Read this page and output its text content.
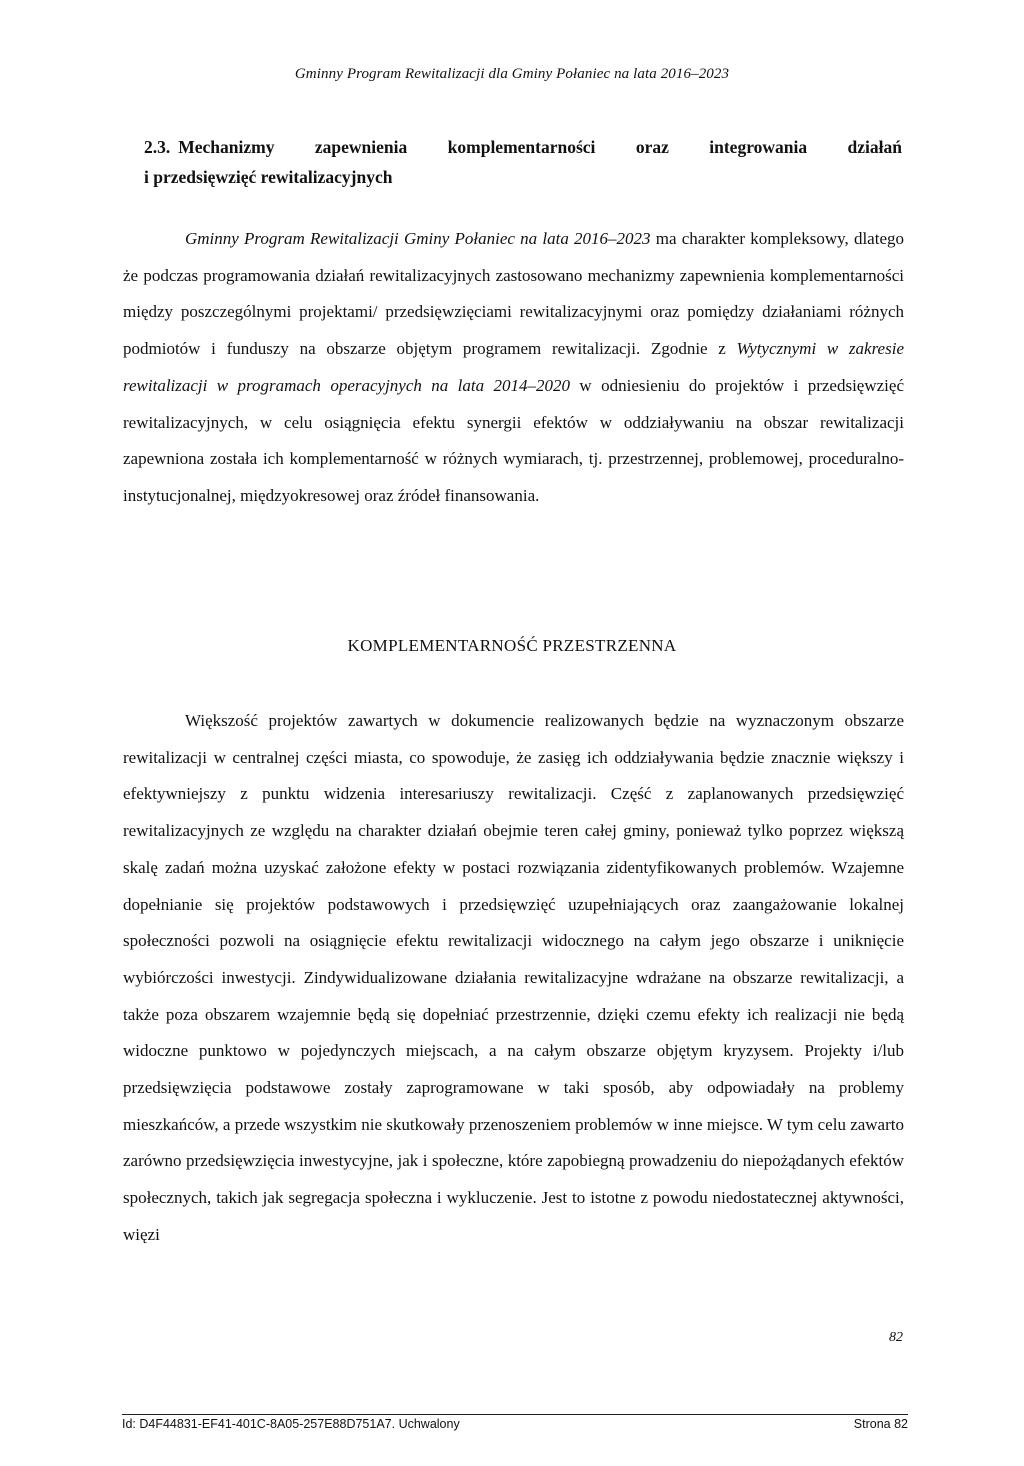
Gminny Program Rewitalizacji dla Gminy Połaniec na lata 2016–2023
2.3. Mechanizmy zapewnienia komplementarności oraz integrowania działań
i przedsięwzięć rewitalizacyjnych

Gminny Program Rewitalizacji Gminy Połaniec na lata 2016–2023 ma charakter kompleksowy, dlatego że podczas programowania działań rewitalizacyjnych zastosowano mechanizmy zapewnienia komplementarności między poszczególnymi projektami/ przedsięwzięciami rewitalizacyjnymi oraz pomiędzy działaniami różnych podmiotów i funduszy na obszarze objętym programem rewitalizacji. Zgodnie z Wytycznymi w zakresie rewitalizacji w programach operacyjnych na lata 2014–2020 w odniesieniu do projektów i przedsięwzięć rewitalizacyjnych, w celu osiągnięcia efektu synergii efektów w oddziaływaniu na obszar rewitalizacji zapewniona została ich komplementarność w różnych wymiarach, tj. przestrzennej, problemowej, proceduralno-instytucjonalnej, międzyokresowej oraz źródeł finansowania.

KOMPLEMENTARNOŚĆ PRZESTRZENNA

Większość projektów zawartych w dokumencie realizowanych będzie na wyznaczonym obszarze rewitalizacji w centralnej części miasta, co spowoduje, że zasięg ich oddziaływania będzie znacznie większy i efektywniejszy z punktu widzenia interesariuszy rewitalizacji. Część z zaplanowanych przedsięwzięć rewitalizacyjnych ze względu na charakter działań obejmie teren całej gminy, ponieważ tylko poprzez większą skalę zadań można uzyskać założone efekty w postaci rozwiązania zidentyfikowanych problemów. Wzajemne dopełnianie się projektów podstawowych i przedsięwzięć uzupełniających oraz zaangażowanie lokalnej społeczności pozwoli na osiągnięcie efektu rewitalizacji widocznego na całym jego obszarze i uniknięcie wybiórczości inwestycji. Zindywidualizowane działania rewitalizacyjne wdrażane na obszarze rewitalizacji, a także poza obszarem wzajemnie będą się dopełniać przestrzennie, dzięki czemu efekty ich realizacji nie będą widoczne punktowo w pojedynczych miejscach, a na całym obszarze objętym kryzysem. Projekty i/lub przedsięwzięcia podstawowe zostały zaprogramowane w taki sposób, aby odpowiadały na problemy mieszkańców, a przede wszystkim nie skutkowały przenoszeniem problemów w inne miejsce. W tym celu zawarto zarówno przedsięwzięcia inwestycyjne, jak i społeczne, które zapobiegną prowadzeniu do niepożądanych efektów społecznych, takich jak segregacja społeczna i wykluczenie. Jest to istotne z powodu niedostatecznej aktywności, więzi

82
Id: D4F44831-EF41-401C-8A05-257E88D751A7. Uchwalony	Strona 82
